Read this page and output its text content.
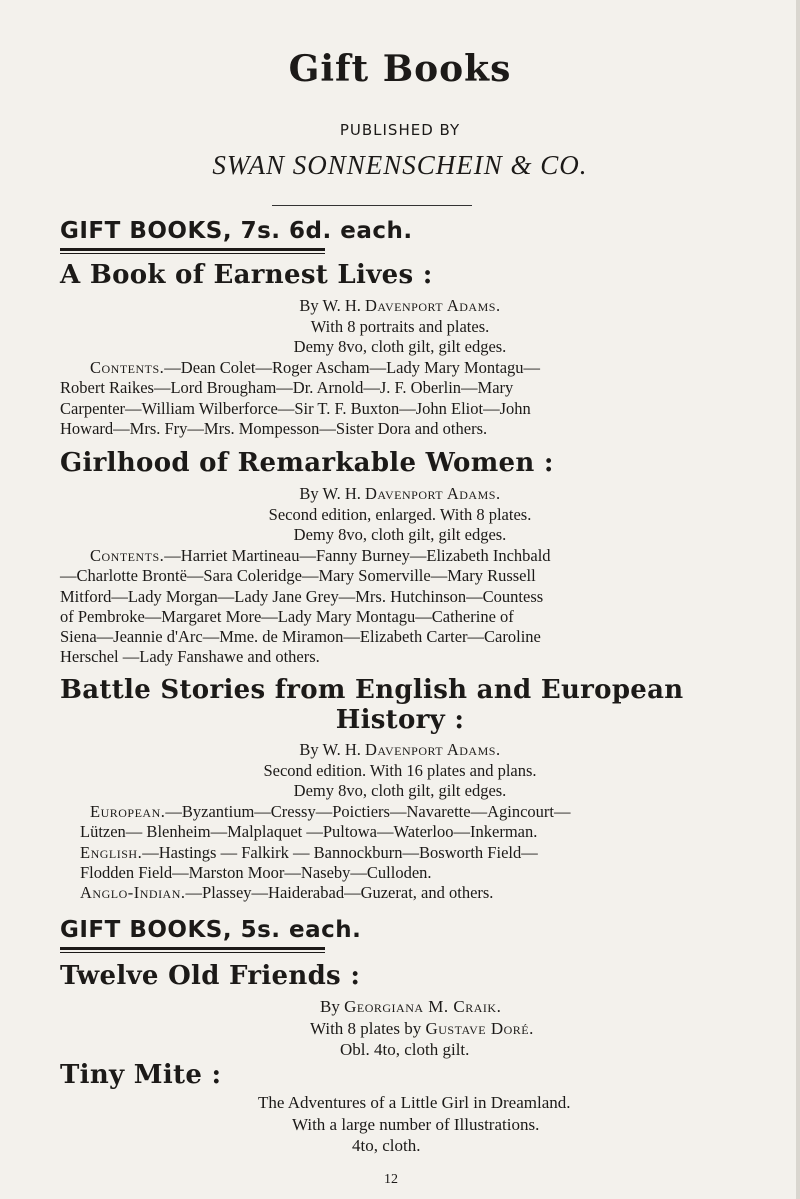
Gift Books
PUBLISHED BY
SWAN SONNENSCHEIN & CO.
GIFT BOOKS, 7s. 6d. each.
A Book of Earnest Lives :
By W. H. Davenport Adams.
With 8 portraits and plates.
Demy 8vo, cloth gilt, gilt edges.
Contents.—Dean Colet—Roger Ascham—Lady Mary Montagu—
Robert Raikes—Lord Brougham—Dr. Arnold—J. F. Oberlin—Mary
Carpenter—William Wilberforce—Sir T. F. Buxton—John Eliot—John
Howard—Mrs. Fry—Mrs. Mompesson—Sister Dora and others.
Girlhood of Remarkable Women :
By W. H. Davenport Adams.
Second edition, enlarged. With 8 plates.
Demy 8vo, cloth gilt, gilt edges.
Contents.—Harriet Martineau—Fanny Burney—Elizabeth Inchbald
—Charlotte Brontë—Sara Coleridge—Mary Somerville—Mary Russell
Mitford—Lady Morgan—Lady Jane Grey—Mrs. Hutchinson—Countess
of Pembroke—Margaret More—Lady Mary Montagu—Catherine of
Siena—Jeannie d'Arc—Mme. de Miramon—Elizabeth Carter—Caroline
Herschel —Lady Fanshawe and others.
Battle Stories from English and European
History :
By W. H. Davenport Adams.
Second edition. With 16 plates and plans.
Demy 8vo, cloth gilt, gilt edges.
European.—Byzantium—Cressy—Poictiers—Navarette—Agincourt—
Lützen— Blenheim—Malplaquet —Pultowa—Waterloo—Inkerman.
English.—Hastings — Falkirk — Bannockburn—Bosworth Field—
Flodden Field—Marston Moor—Naseby—Culloden.
Anglo-Indian.—Plassey—Haiderabad—Guzerat, and others.
GIFT BOOKS, 5s. each.
Twelve Old Friends :
By Georgiana M. Craik.
With 8 plates by Gustave Doré.
Obl. 4to, cloth gilt.
Tiny Mite :
The Adventures of a Little Girl in Dreamland.
With a large number of Illustrations.
4to, cloth.
12
